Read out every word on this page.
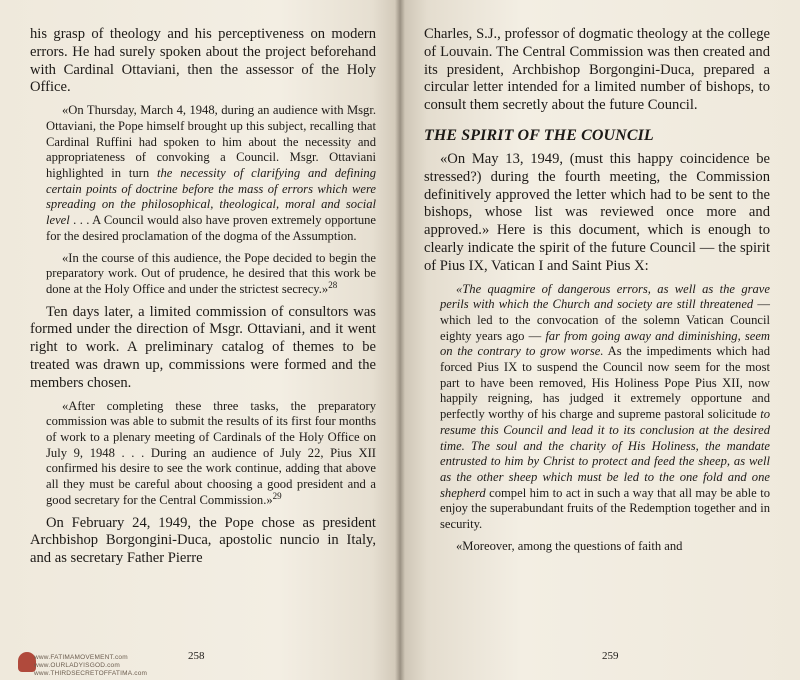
his grasp of theology and his perceptiveness on modern errors. He had surely spoken about the project beforehand with Cardinal Ottaviani, then the assessor of the Holy Office.

«On Thursday, March 4, 1948, during an audience with Msgr. Ottaviani, the Pope himself brought up this subject, recalling that Cardinal Ruffini had spoken to him about the necessity and appropriateness of convoking a Council. Msgr. Ottaviani highlighted in turn the necessity of clarifying and defining certain points of doctrine before the mass of errors which were spreading on the philosophical, theological, moral and social level . . . A Council would also have proven extremely opportune for the desired proclamation of the dogma of the Assumption.

«In the course of this audience, the Pope decided to begin the preparatory work. Out of prudence, he desired that this work be done at the Holy Office and under the strictest secrecy.»$^{28}$

Ten days later, a limited commission of consultors was formed under the direction of Msgr. Ottaviani, and it went right to work. A preliminary catalog of themes to be treated was drawn up, commissions were formed and the members chosen.

«After completing these three tasks, the preparatory commission was able to submit the results of its first four months of work to a plenary meeting of Cardinals of the Holy Office on July 9, 1948 . . . During an audience of July 22, Pius XII confirmed his desire to see the work continue, adding that above all they must be careful about choosing a good president and a good secretary for the Central Commission.»$^{29}$

On February 24, 1949, the Pope chose as president Archbishop Borgongini-Duca, apostolic nuncio in Italy, and as secretary Father Pierre

258

Charles, S.J., professor of dogmatic theology at the college of Louvain. The Central Commission was then created and its president, Archbishop Borgongini-Duca, prepared a circular letter intended for a limited number of bishops, to consult them secretly about the future Council.

THE SPIRIT OF THE COUNCIL

«On May 13, 1949, (must this happy coincidence be stressed?) during the fourth meeting, the Commission definitively approved the letter which had to be sent to the bishops, whose list was reviewed once more and approved.» Here is this document, which is enough to clearly indicate the spirit of the future Council — the spirit of Pius IX, Vatican I and Saint Pius X:

«The quagmire of dangerous errors, as well as the grave perils with which the Church and society are still threatened — which led to the convocation of the solemn Vatican Council eighty years ago — far from going away and diminishing, seem on the contrary to grow worse. As the impediments which had forced Pius IX to suspend the Council now seem for the most part to have been removed, His Holiness Pope Pius XII, now happily reigning, has judged it extremely opportune and perfectly worthy of his charge and supreme pastoral solicitude to resume this Council and lead it to its conclusion at the desired time. The soul and the charity of His Holiness, the mandate entrusted to him by Christ to protect and feed the sheep, as well as the other sheep which must be led to the one fold and one shepherd compel him to act in such a way that all may be able to enjoy the superabundant fruits of the Redemption together and in security.

«Moreover, among the questions of faith and

259
www.FATIMAMOVEMENT.com
www.OURLADYISGOD.com
www.THIRDSECRETOFFATIMA.com
